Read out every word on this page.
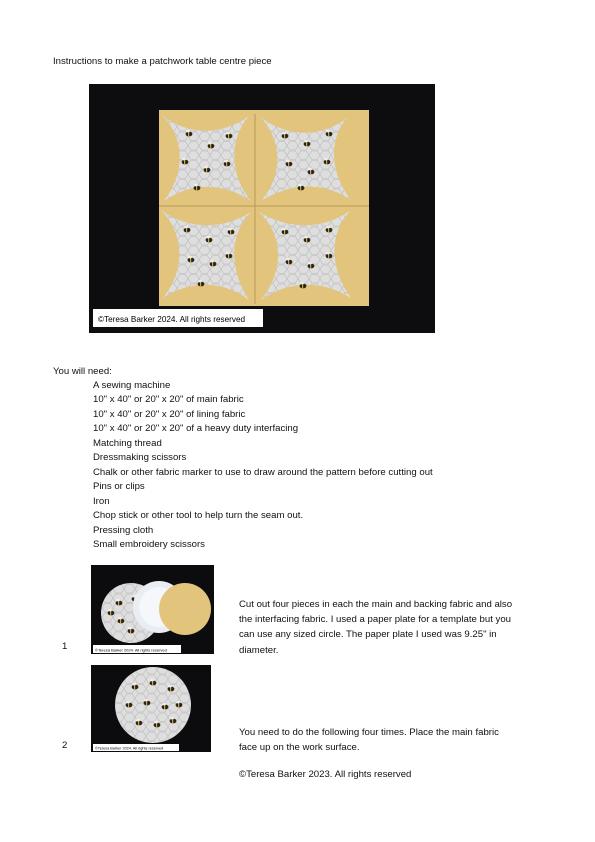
Instructions to make a patchwork table centre piece
©Teresa Barker 2024. All rights reserved
You will need:
A sewing machine
10" x 40" or 20" x 20" of main fabric
10" x 40" or 20" x 20" of lining fabric
10" x 40" or 20" x 20" of a heavy duty interfacing
Matching thread
Dressmaking scissors
Chalk or other fabric marker to use to draw around the pattern before cutting out
Pins or clips
Iron
Chop stick or other tool to help turn the seam out.
Pressing cloth
Small embroidery scissors
©Teresa Barker 2024. All rights reserved
1
Cut out four pieces in each the main and backing fabric and also the interfacing fabric. I used a paper plate for a template but you can use any sized circle. The paper plate I used was 9.25" in diameter.
©Teresa Barker 2024. All rights reserved
2
You need to do the following four times. Place the main fabric face up on the work surface.
©Teresa Barker 2023. All rights reserved
